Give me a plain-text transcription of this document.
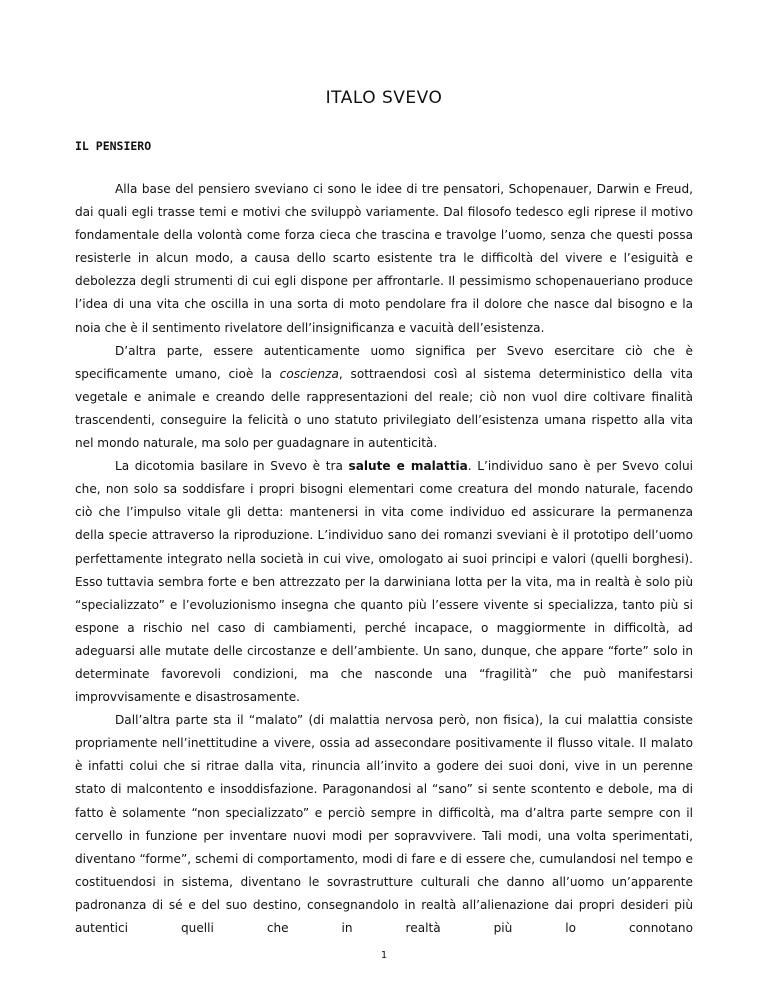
ITALO SVEVO
IL PENSIERO

Alla base del pensiero sveviano ci sono le idee di tre pensatori, Schopenauer, Darwin e Freud, dai quali egli trasse temi e motivi che sviluppò variamente. Dal filosofo tedesco egli riprese il motivo fondamentale della volontà come forza cieca che trascina e travolge l’uomo, senza che questi possa resisterle in alcun modo, a causa dello scarto esistente tra le difficoltà del vivere e l’esiguità e debolezza degli strumenti di cui egli dispone per affrontarle. Il pessimismo schopenaueriano produce l’idea di una vita che oscilla in una sorta di moto pendolare fra il dolore che nasce dal bisogno e la noia che è il sentimento rivelatore dell’insignificanza e vacuità dell’esistenza.

D’altra parte, essere autenticamente uomo significa per Svevo esercitare ciò che è specificamente umano, cioè la coscienza, sottraendosi così al sistema deterministico della vita vegetale e animale e creando delle rappresentazioni del reale; ciò non vuol dire coltivare finalità trascendenti, conseguire la felicità o uno statuto privilegiato dell’esistenza umana rispetto alla vita nel mondo naturale, ma solo per guadagnare in autenticità.

La dicotomia basilare in Svevo è tra salute e malattia. L’individuo sano è per Svevo colui che, non solo sa soddisfare i propri bisogni elementari come creatura del mondo naturale, facendo ciò che l’impulso vitale gli detta: mantenersi in vita come individuo ed assicurare la permanenza della specie attraverso la riproduzione. L’individuo sano dei romanzi sveviani è il prototipo dell’uomo perfettamente integrato nella società in cui vive, omologato ai suoi principi e valori (quelli borghesi). Esso tuttavia sembra forte e ben attrezzato per la darwiniana lotta per la vita, ma in realtà è solo più “specializzato” e l’evoluzionismo insegna che quanto più l’essere vivente si specializza, tanto più si espone a rischio nel caso di cambiamenti, perché incapace, o maggiormente in difficoltà, ad adeguarsi alle mutate delle circostanze e dell’ambiente. Un sano, dunque, che appare “forte” solo in determinate favorevoli condizioni, ma che nasconde una “fragilità” che può manifestarsi improvvisamente e disastrosamente.

Dall’altra parte sta il “malato” (di malattia nervosa però, non fisica), la cui malattia consiste propriamente nell’inettitudine a vivere, ossia ad assecondare positivamente il flusso vitale. Il malato è infatti colui che si ritrae dalla vita, rinuncia all’invito a godere dei suoi doni, vive in un perenne stato di malcontento e insoddisfazione. Paragonandosi al “sano” si sente scontento e debole, ma di fatto è solamente “non specializzato” e perciò sempre in difficoltà, ma d’altra parte sempre con il cervello in funzione per inventare nuovi modi per sopravvivere. Tali modi, una volta sperimentati, diventano “forme”, schemi di comportamento, modi di fare e di essere che, cumulandosi nel tempo e costituendosi in sistema, diventano le sovrastrutture culturali che danno all’uomo un’apparente padronanza di sé e del suo destino, consegnandolo in realtà all’alienazione dai propri desideri più autentici quelli che in realtà più lo connotano

1
